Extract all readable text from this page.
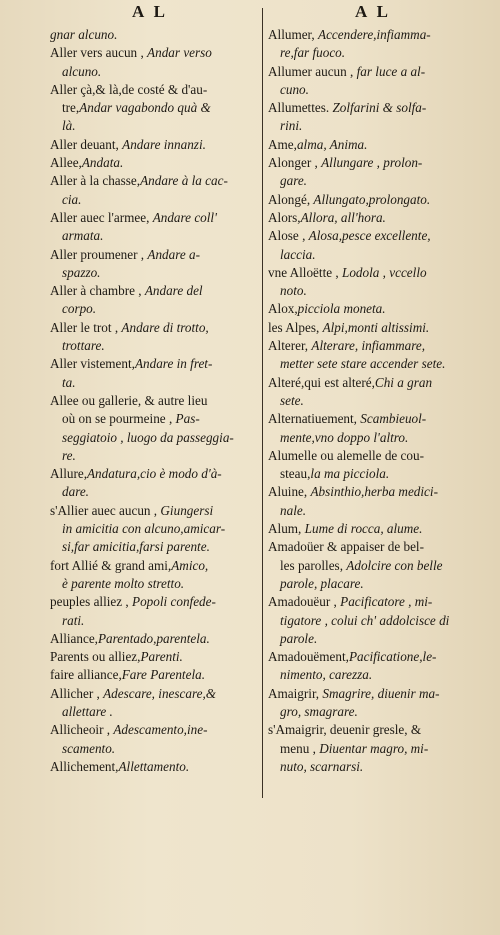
A L	A L
gnar alcuno.
Aller vers aucun , Andar verso
alcuno.
Aller çà,& là,de costé & d'au-
tre,Andar vagabondo quà &
là.
Aller deuant, Andare innanzi.
Allee,Andata.
Aller à la chasse,Andare à la cac-
cia.
Aller auec l'armee, Andare coll'
armata.
Aller proumener , Andare a-
spazzo.
Aller à chambre , Andare del
corpo.
Aller le trot , Andare di trotto,
trottare.
Aller vistement,Andare in fret-
ta.
Allee ou gallerie, & autre lieu
où on se pourmeine , Pas-
seggiatoio , luogo da passeggia-
re.
Allure,Andatura,cio è modo d'à-
dare.
s'Allier auec aucun , Giungersi
in amicitia con alcuno,amicar-
si,far amicitia,farsi parente.
fort Allié & grand ami,Amico,
è parente molto stretto.
peuples alliez , Popoli confede-
rati.
Alliance,Parentado,parentela.
Parents ou alliez,Parenti.
faire alliance,Fare Parentela.
Allicher , Adescare, inescare,&
allettare .
Allicheoir , Adescamento,ine-
scamento.
Allichement,Allettamento.
Allumer, Accendere,infiamma-
re,far fuoco.
Allumer aucun , far luce a al-
cuno.
Allumettes. Zolfarini & solfa-
rini.
Ame,alma, Anima.
Alonger , Allungare , prolon-
gare.
Alongé, Allungato,prolongato.
Alors,Allora, all'hora.
Alose , Alosa,pesce excellente,
laccia.
vne Alloëtte , Lodola , vccello
noto.
Alox,picciola moneta.
les Alpes, Alpi,monti altissimi.
Alterer, Alterare, infiammare,
metter sete stare accender sete.
Alteré,qui est alteré,Chi a gran
sete.
Alternatiuement, Scambieuol-
mente,vno doppo l'altro.
Alumelle ou alemelle de cou-
steau,la ma picciola.
Aluine, Absinthio,herba medici-
nale.
Alum, Lume di rocca, alume.
Amadoüer & appaiser de bel-
les parolles, Adolcire con belle
parole, placare.
Amadouëur , Pacificatore , mi-
tigatore , colui ch' addolcisce di
parole.
Amadouëment,Pacificatione,le-
nimento, carezza.
Amaigrir, Smagrire, diuenir ma-
gro, smagrare.
s'Amaigrir, deuenir gresle, &
menu , Diuentar magro, mi-
nuto, scarnarsi.
